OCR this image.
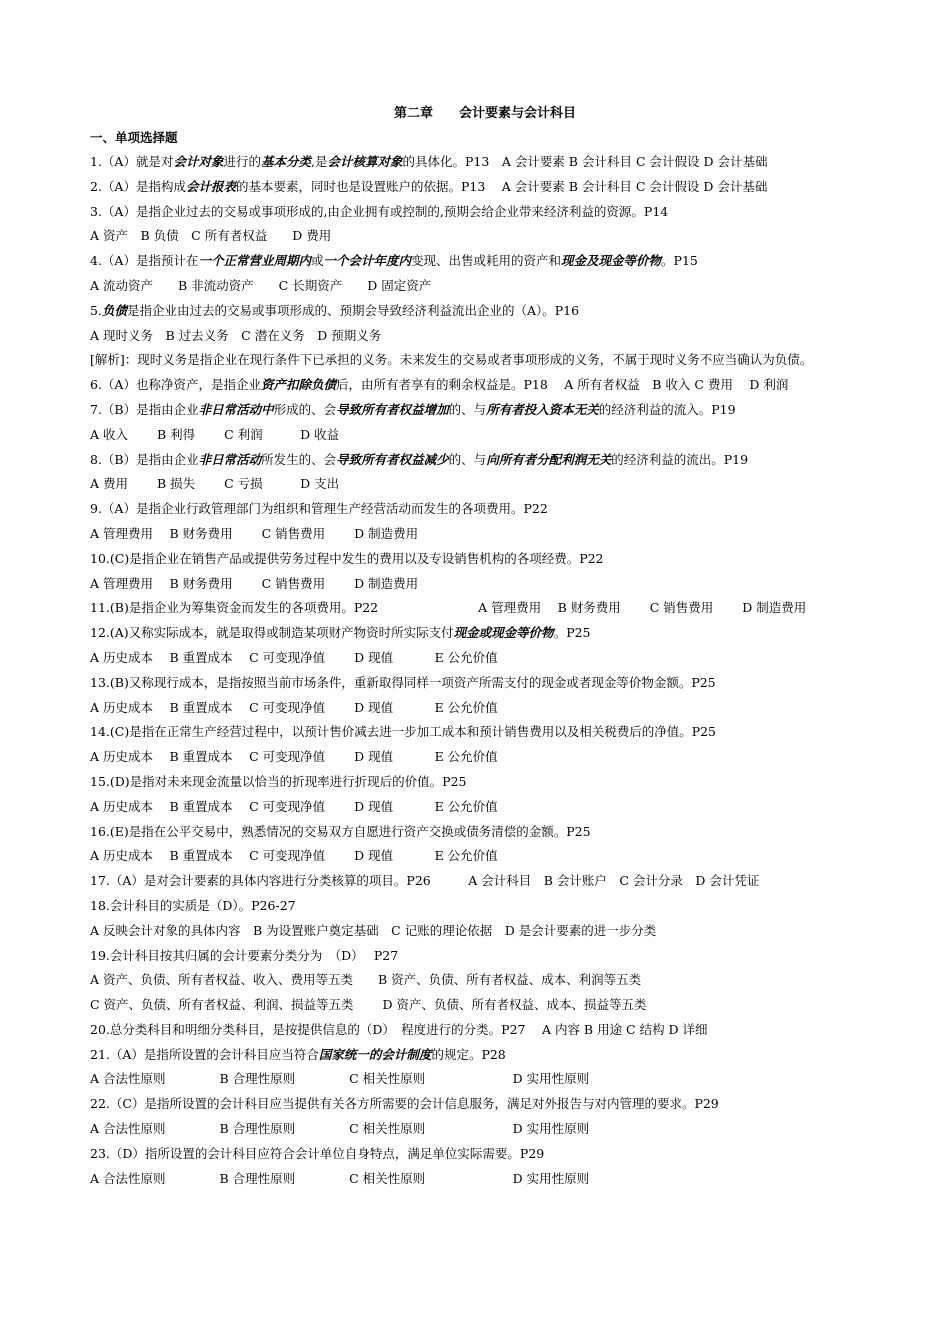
第二章　　会计要素与会计科目
一、单项选择题
1.（A）就是对会计对象进行的基本分类,是会计核算对象的具体化。P13　A 会计要素 B 会计科目 C 会计假设 D 会计基础
2.（A）是指构成会计报表的基本要素，同时也是设置账户的依据。P13　 A 会计要素 B 会计科目 C 会计假设 D 会计基础
3.（A）是指企业过去的交易或事项形成的,由企业拥有或控制的,预期会给企业带来经济利益的资源。P14
A 资产　B 负债　C 所有者权益　　D 费用
4.（A）是指预计在一个正常营业周期内或一个会计年度内变现、出售或耗用的资产和现金及现金等价物。P15
A 流动资产　　B 非流动资产　　C 长期资产　　D 固定资产
5.负债是指企业由过去的交易或事项形成的、预期会导致经济利益流出企业的（A）。P16
A 现时义务　B 过去义务　C 潜在义务　D 预期义务
[解析]：现时义务是指企业在现行条件下已承担的义务。未来发生的交易或者事项形成的义务，不属于现时义务不应当确认为负债。
6.（A）也称净资产，是指企业资产扣除负债后，由所有者享有的剩余权益是。P18　 A 所有者权益　B 收入 C 费用　 D 利润
7.（B）是指由企业非日常活动中形成的、会导致所有者权益增加的、与所有者投入资本无关的经济利益的流入。P19
A 收入　　 B 利得　　 C 利润　　　D 收益
8.（B）是指由企业非日常活动所发生的、会导致所有者权益减少的、与向所有者分配利润无关的经济利益的流出。P19
A 费用　　 B 损失　　 C 亏损　　　D 支出
9.（A）是指企业行政管理部门为组织和管理生产经营活动而发生的各项费用。P22
A 管理费用　 B 财务费用　　 C 销售费用　　 D 制造费用
10.(C)是指企业在销售产品或提供劳务过程中发生的费用以及专设销售机构的各项经费。P22
A 管理费用　 B 财务费用　　 C 销售费用　　 D 制造费用
11.(B)是指企业为筹集资金而发生的各项费用。P22　　　　　　　　A 管理费用　 B 财务费用　　 C 销售费用　　 D 制造费用
12.(A)又称实际成本，就是取得或制造某项财产物资时所实际支付现金或现金等价物。P25
A 历史成本　 B 重置成本　 C 可变现净值　　 D 现值　　　 E 公允价值
13.(B)又称现行成本，是指按照当前市场条件，重新取得同样一项资产所需支付的现金或者现金等价物金额。P25
A 历史成本　 B 重置成本　 C 可变现净值　　 D 现值　　　 E 公允价值
14.(C)是指在正常生产经营过程中，以预计售价减去进一步加工成本和预计销售费用以及相关税费后的净值。P25
A 历史成本　 B 重置成本　 C 可变现净值　　 D 现值　　　 E 公允价值
15.(D)是指对未来现金流量以恰当的折现率进行折现后的价值。P25
A 历史成本　 B 重置成本　 C 可变现净值　　 D 现值　　　 E 公允价值
16.(E)是指在公平交易中，熟悉情况的交易双方自愿进行资产交换或债务清偿的金额。P25
A 历史成本　 B 重置成本　 C 可变现净值　　 D 现值　　　 E 公允价值
17.（A）是对会计要素的具体内容进行分类核算的项目。P26　　　A 会计科目　B 会计账户　C 会计分录　D 会计凭证
18.会计科目的实质是（D）。P26-27
A 反映会计对象的具体内容　B 为设置账户奠定基础　C 记账的理论依据　D 是会计要素的进一步分类
19.会计科目按其归属的会计要素分类分为　（D）　 P27
A 资产、负债、所有者权益、收入、费用等五类　　B 资产、负债、所有者权益、成本、利润等五类
C 资产、负债、所有者权益、利润、损益等五类　　 D 资产、负债、所有者权益、成本、损益等五类
20.总分类科目和明细分类科目，是按提供信息的（D）　程度进行的分类。P27　 A 内容 B 用途 C 结构 D 详细
21.（A）是指所设置的会计科目应当符合国家统一的会计制度的规定。P28
A 合法性原则　　　　 B 合理性原则　　　　 C 相关性原则　　　　　　　D 实用性原则
22.（C）是指所设置的会计科目应当提供有关各方所需要的会计信息服务，满足对外报告与对内管理的要求。P29
A 合法性原则　　　　 B 合理性原则　　　　 C 相关性原则　　　　　　　D 实用性原则
23.（D）指所设置的会计科目应符合会计单位自身特点，满足单位实际需要。P29
A 合法性原则　　　　 B 合理性原则　　　　 C 相关性原则　　　　　　　D 实用性原则
